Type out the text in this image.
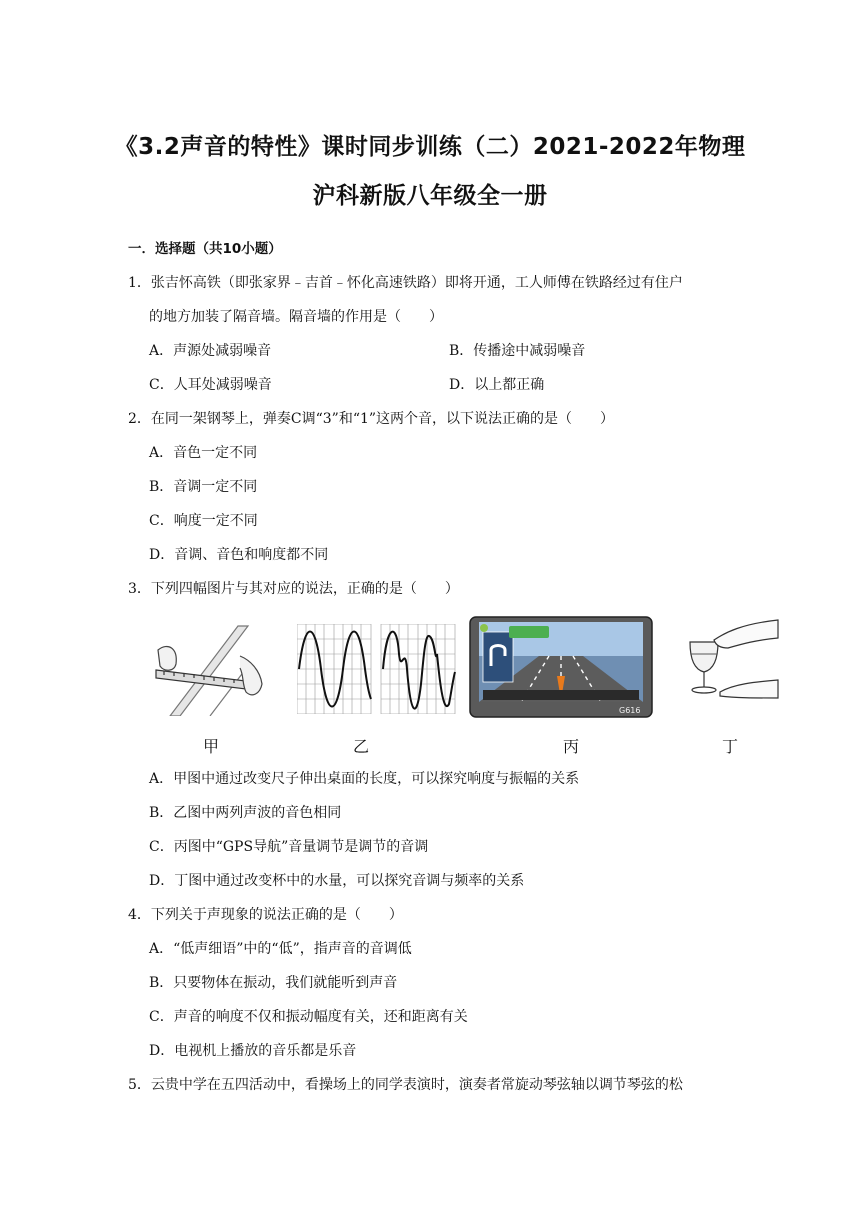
《3.2声音的特性》课时同步训练（二）2021-2022年物理
沪科新版八年级全一册
一．选择题（共10小题）
1．张吉怀高铁（即张家界﹣吉首﹣怀化高速铁路）即将开通，工人师傅在铁路经过有住户
的地方加装了隔音墙。隔音墙的作用是（　　）
A．声源处减弱噪音	B．传播途中减弱噪音
C．人耳处减弱噪音	D．以上都正确
2．在同一架钢琴上，弹奏C调“3”和“1”这两个音，以下说法正确的是（　　）
A．音色一定不同
B．音调一定不同
C．响度一定不同
D．音调、音色和响度都不同
3．下列四幅图片与其对应的说法，正确的是（　　）
G616
甲	乙	丙	丁
A．甲图中通过改变尺子伸出桌面的长度，可以探究响度与振幅的关系
B．乙图中两列声波的音色相同
C．丙图中“GPS导航”音量调节是调节的音调
D．丁图中通过改变杯中的水量，可以探究音调与频率的关系
4．下列关于声现象的说法正确的是（　　）
A．“低声细语”中的“低”，指声音的音调低
B．只要物体在振动，我们就能听到声音
C．声音的响度不仅和振动幅度有关，还和距离有关
D．电视机上播放的音乐都是乐音
5．云贵中学在五四活动中，看操场上的同学表演时，演奏者常旋动琴弦轴以调节琴弦的松
